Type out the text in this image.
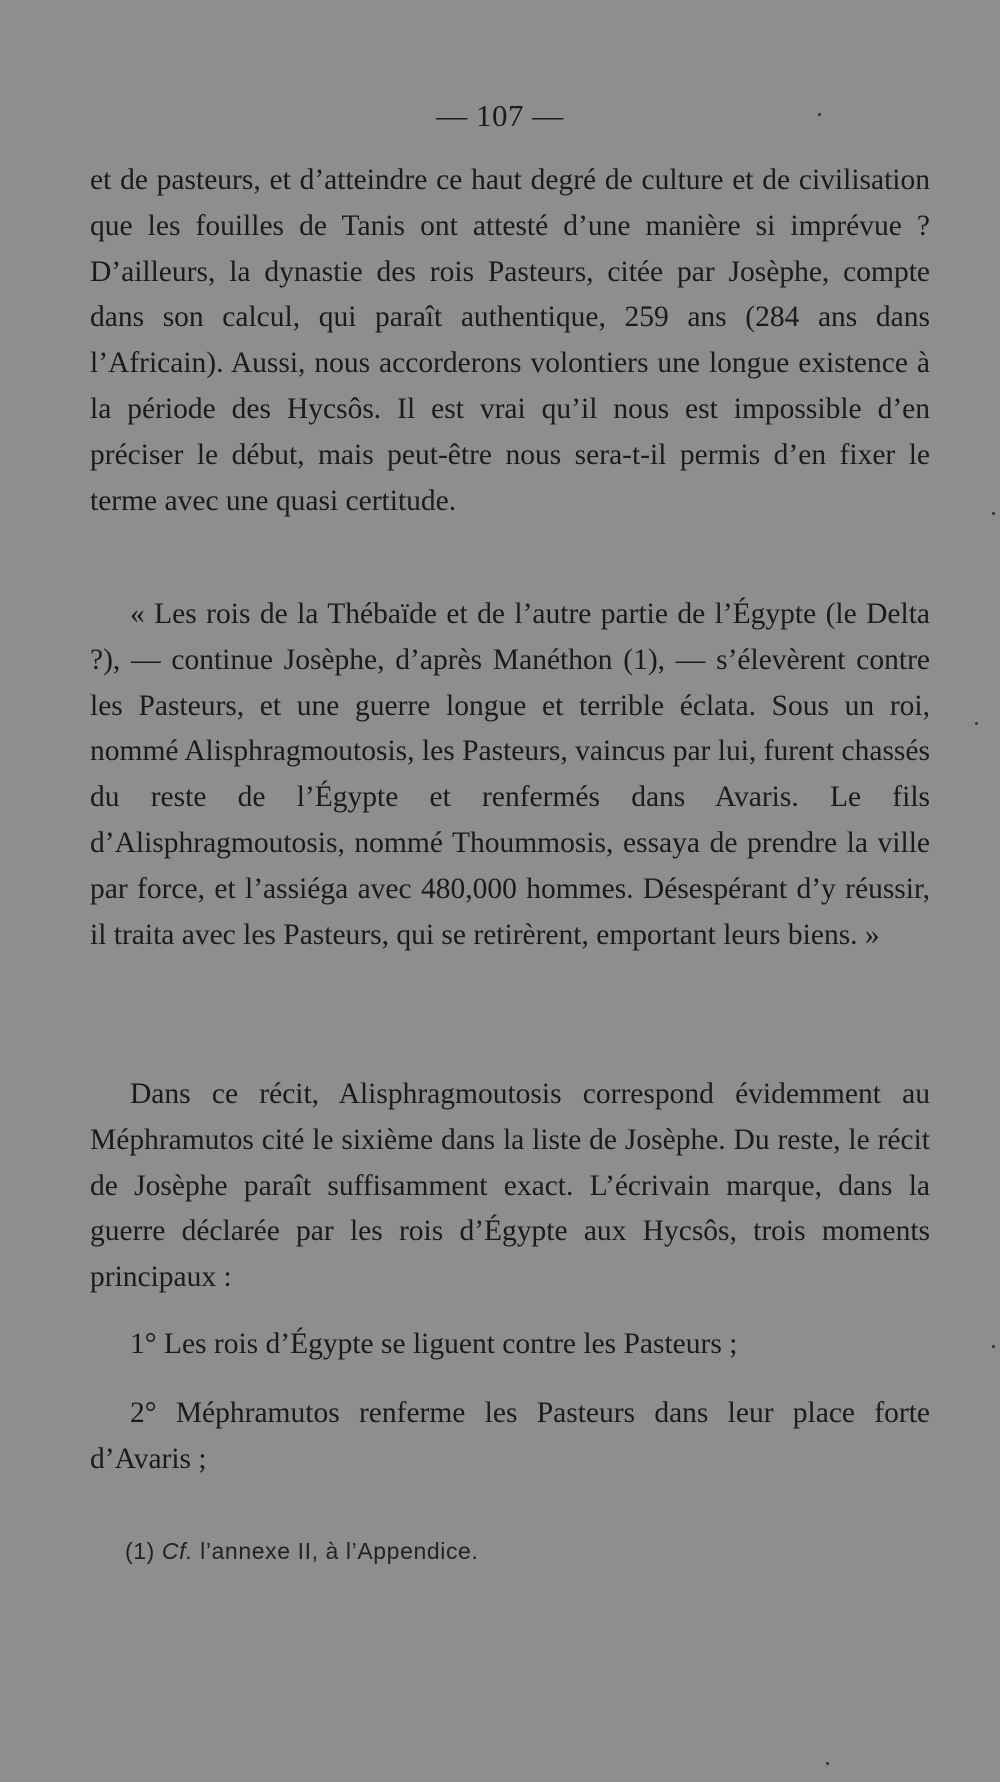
— 107 —

et de pasteurs, et d’atteindre ce haut degré de culture et de civilisation que les fouilles de Tanis ont attesté d’une manière si imprévue ? D’ailleurs, la dynastie des rois Pasteurs, citée par Josèphe, compte dans son calcul, qui paraît authentique, 259 ans (284 ans dans l’Africain). Aussi, nous accorderons volontiers une longue existence à la période des Hycsôs. Il est vrai qu’il nous est impossible d’en préciser le début, mais peut-être nous sera-t-il permis d’en fixer le terme avec une quasi certitude.

« Les rois de la Thébaïde et de l’autre partie de l’Égypte (le Delta ?), — continue Josèphe, d’après Manéthon (1), — s’élevèrent contre les Pasteurs, et une guerre longue et terrible éclata. Sous un roi, nommé Alisphragmoutosis, les Pasteurs, vaincus par lui, furent chassés du reste de l’Égypte et renfermés dans Avaris. Le fils d’Alisphragmoutosis, nommé Thoummosis, essaya de prendre la ville par force, et l’assiéga avec 480,000 hommes. Désespérant d’y réussir, il traita avec les Pasteurs, qui se retirèrent, emportant leurs biens. »

Dans ce récit, Alisphragmoutosis correspond évidemment au Méphramutos cité le sixième dans la liste de Josèphe. Du reste, le récit de Josèphe paraît suffisamment exact. L’écrivain marque, dans la guerre déclarée par les rois d’Égypte aux Hycsôs, trois moments principaux :

1° Les rois d’Égypte se liguent contre les Pasteurs ;

2° Méphramutos renferme les Pasteurs dans leur place forte d’Avaris ;

(1) Cf. l’annexe II, à l’Appendice.
